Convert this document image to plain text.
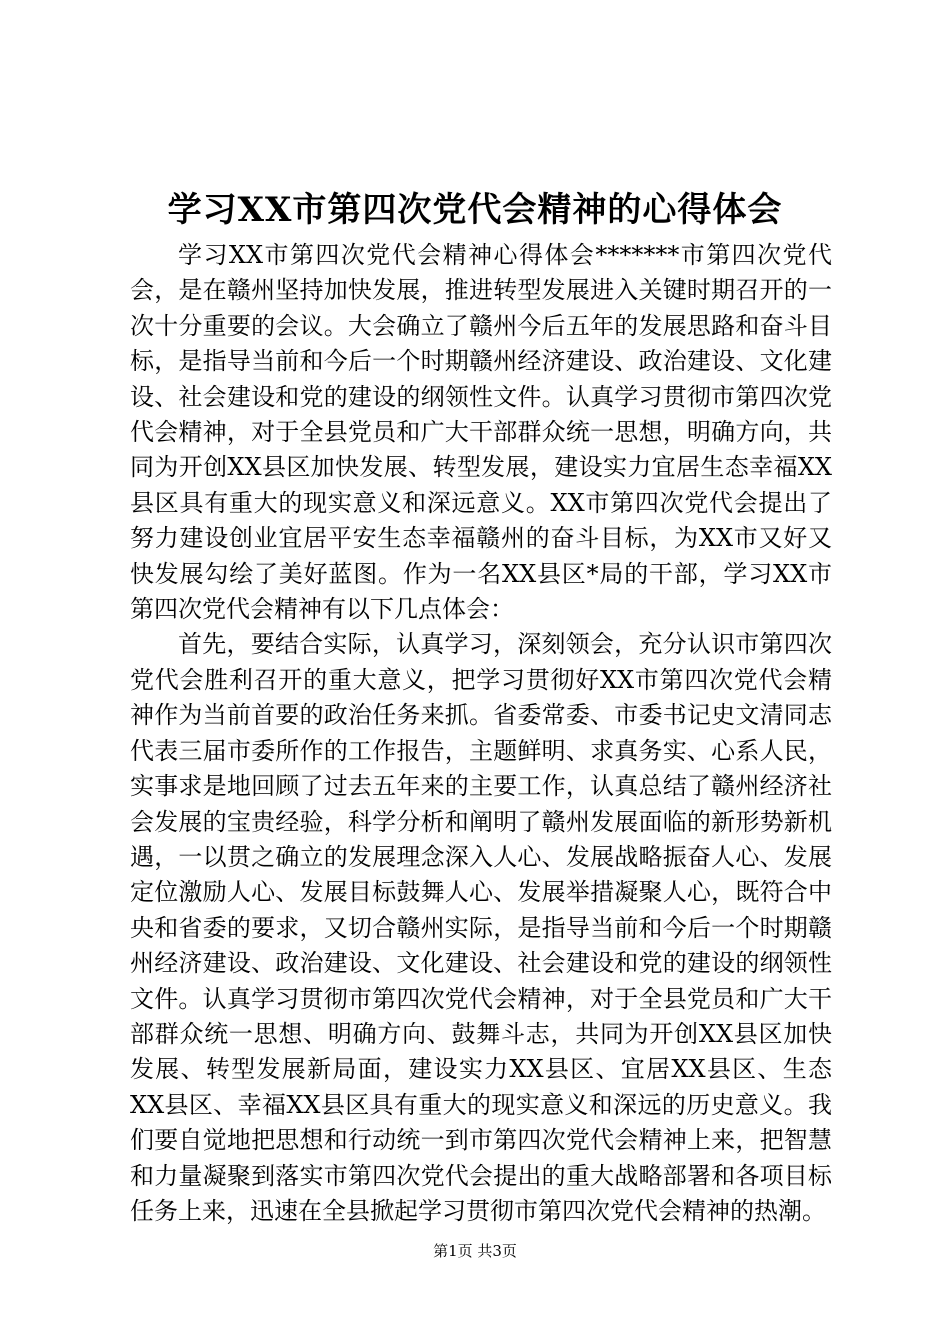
学习XX市第四次党代会精神的心得体会

学习XX市第四次党代会精神心得体会*******市第四次党代会，是在赣州坚持加快发展，推进转型发展进入关键时期召开的一次十分重要的会议。大会确立了赣州今后五年的发展思路和奋斗目标，是指导当前和今后一个时期赣州经济建设、政治建设、文化建设、社会建设和党的建设的纲领性文件。认真学习贯彻市第四次党代会精神，对于全县党员和广大干部群众统一思想，明确方向，共同为开创XX县区加快发展、转型发展，建设实力宜居生态幸福XX县区具有重大的现实意义和深远意义。XX市第四次党代会提出了努力建设创业宜居平安生态幸福赣州的奋斗目标，为XX市又好又快发展勾绘了美好蓝图。作为一名XX县区*局的干部，学习XX市第四次党代会精神有以下几点体会：

首先，要结合实际，认真学习，深刻领会，充分认识市第四次党代会胜利召开的重大意义，把学习贯彻好XX市第四次党代会精神作为当前首要的政治任务来抓。省委常委、市委书记史文清同志代表三届市委所作的工作报告，主题鲜明、求真务实、心系人民，实事求是地回顾了过去五年来的主要工作，认真总结了赣州经济社会发展的宝贵经验，科学分析和阐明了赣州发展面临的新形势新机遇，一以贯之确立的发展理念深入人心、发展战略振奋人心、发展定位激励人心、发展目标鼓舞人心、发展举措凝聚人心，既符合中央和省委的要求，又切合赣州实际，是指导当前和今后一个时期赣州经济建设、政治建设、文化建设、社会建设和党的建设的纲领性文件。认真学习贯彻市第四次党代会精神，对于全县党员和广大干部群众统一思想、明确方向、鼓舞斗志，共同为开创XX县区加快发展、转型发展新局面，建设实力XX县区、宜居XX县区、生态XX县区、幸福XX县区具有重大的现实意义和深远的历史意义。我们要自觉地把思想和行动统一到市第四次党代会精神上来，把智慧和力量凝聚到落实市第四次党代会提出的重大战略部署和各项目标任务上来，迅速在全县掀起学习贯彻市第四次党代会精神的热潮。

第1页 共3页
